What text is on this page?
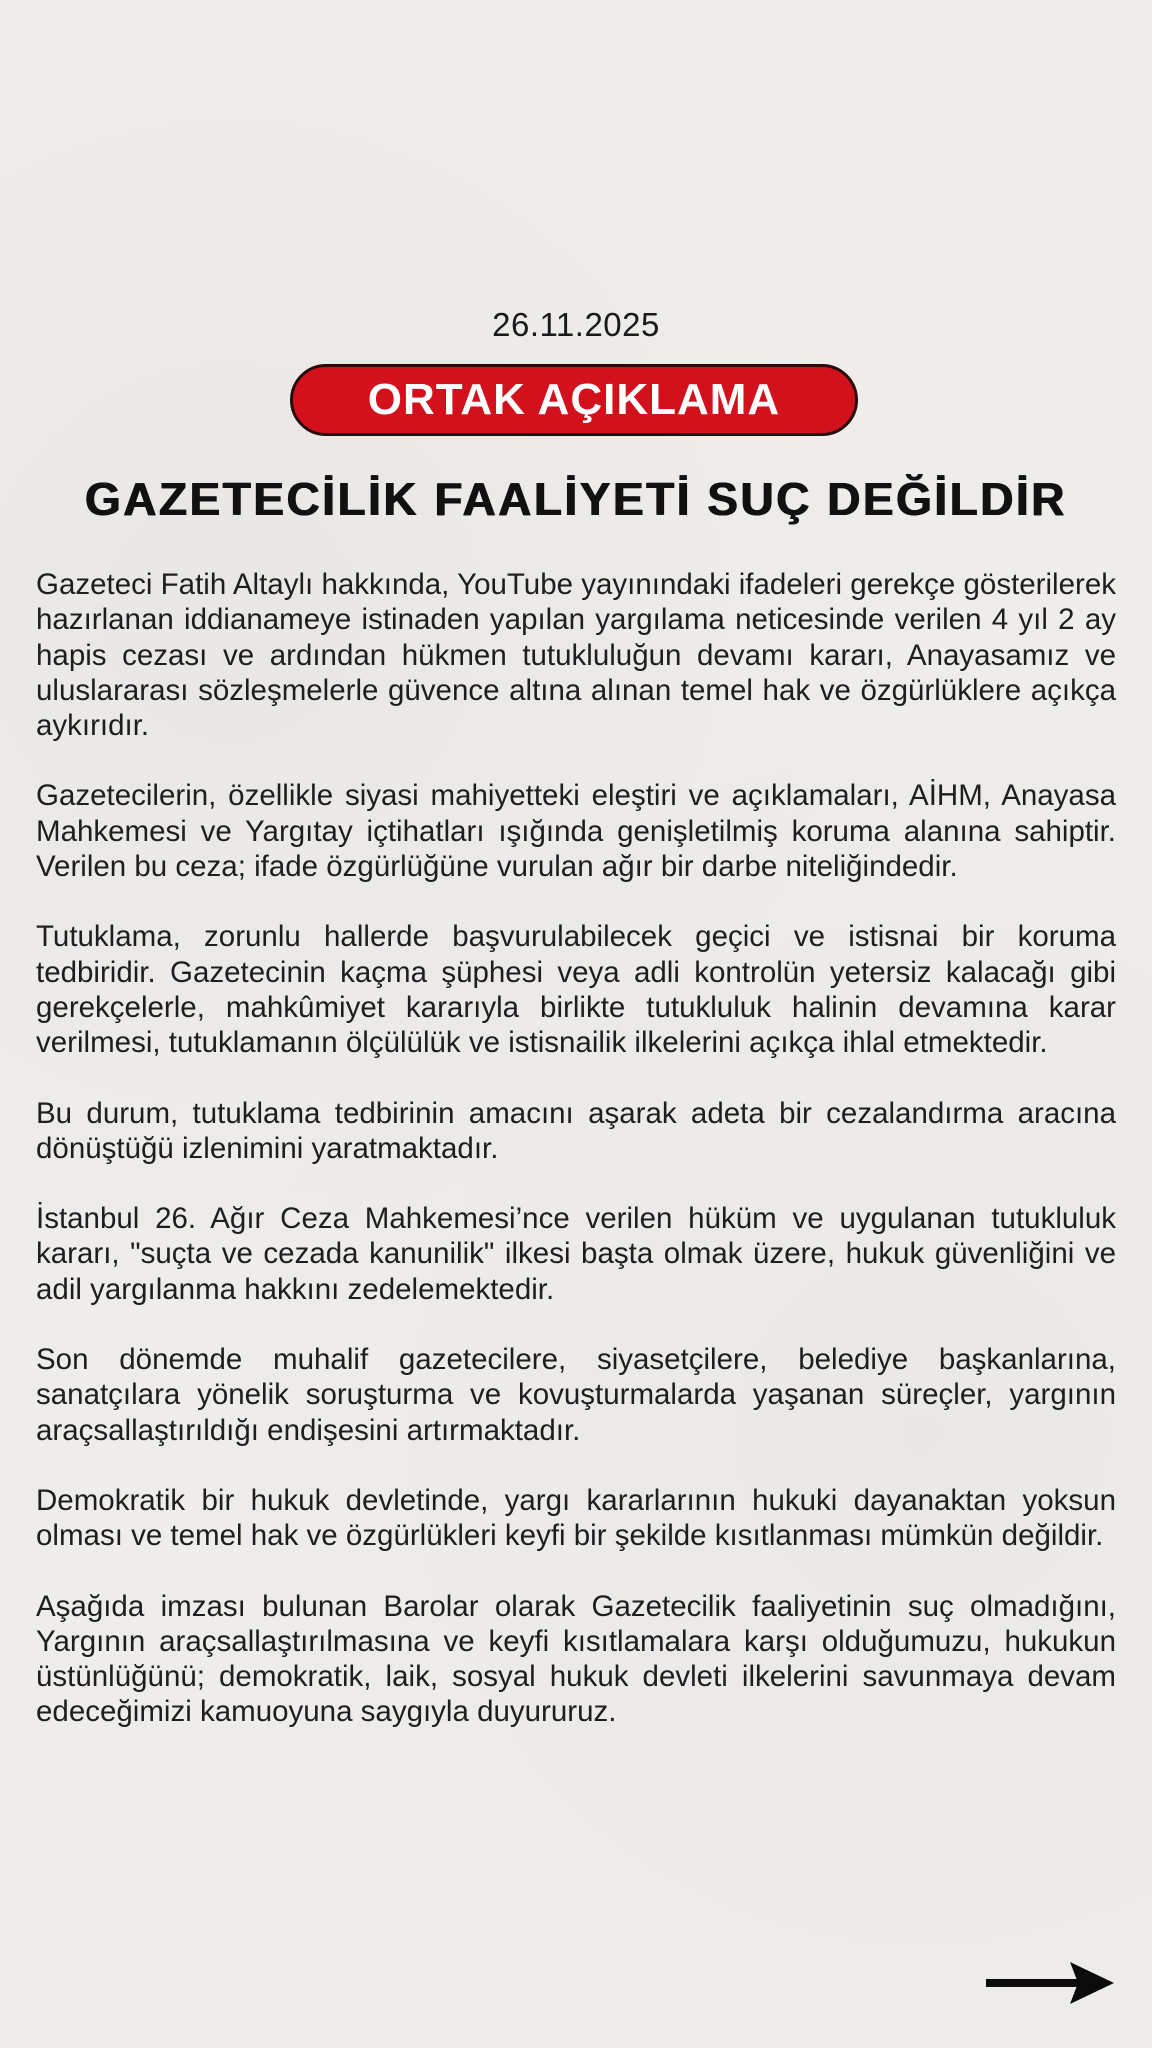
26.11.2025
ORTAK AÇIKLAMA
GAZETECİLİK FAALİYETİ SUÇ DEĞİLDİR

Gazeteci Fatih Altaylı hakkında, YouTube yayınındaki ifadeleri gerekçe gösterilerek hazırlanan iddianameye istinaden yapılan yargılama neticesinde verilen 4 yıl 2 ay hapis cezası ve ardından hükmen tutukluluğun devamı kararı, Anayasamız ve uluslararası sözleşmelerle güvence altına alınan temel hak ve özgürlüklere açıkça aykırıdır.

Gazetecilerin, özellikle siyasi mahiyetteki eleştiri ve açıklamaları, AİHM, Anayasa Mahkemesi ve Yargıtay içtihatları ışığında genişletilmiş koruma alanına sahiptir. Verilen bu ceza; ifade özgürlüğüne vurulan ağır bir darbe niteliğindedir.

Tutuklama, zorunlu hallerde başvurulabilecek geçici ve istisnai bir koruma tedbiridir. Gazetecinin kaçma şüphesi veya adli kontrolün yetersiz kalacağı gibi gerekçelerle, mahkûmiyet kararıyla birlikte tutukluluk halinin devamına karar verilmesi, tutuklamanın ölçülülük ve istisnailik ilkelerini açıkça ihlal etmektedir.

Bu durum, tutuklama tedbirinin amacını aşarak adeta bir cezalandırma aracına dönüştüğü izlenimini yaratmaktadır.

İstanbul 26. Ağır Ceza Mahkemesi’nce verilen hüküm ve uygulanan tutukluluk kararı, "suçta ve cezada kanunilik" ilkesi başta olmak üzere, hukuk güvenliğini ve adil yargılanma hakkını zedelemektedir.

Son dönemde muhalif gazetecilere, siyasetçilere, belediye başkanlarına, sanatçılara yönelik soruşturma ve kovuşturmalarda yaşanan süreçler, yargının araçsallaştırıldığı endişesini artırmaktadır.

Demokratik bir hukuk devletinde, yargı kararlarının hukuki dayanaktan yoksun olması ve temel hak ve özgürlükleri keyfi bir şekilde kısıtlanması mümkün değildir.

Aşağıda imzası bulunan Barolar olarak Gazetecilik faaliyetinin suç olmadığını, Yargının araçsallaştırılmasına ve keyfi kısıtlamalara karşı olduğumuzu, hukukun üstünlüğünü; demokratik, laik, sosyal hukuk devleti ilkelerini savunmaya devam edeceğimizi kamuoyuna saygıyla duyururuz.
